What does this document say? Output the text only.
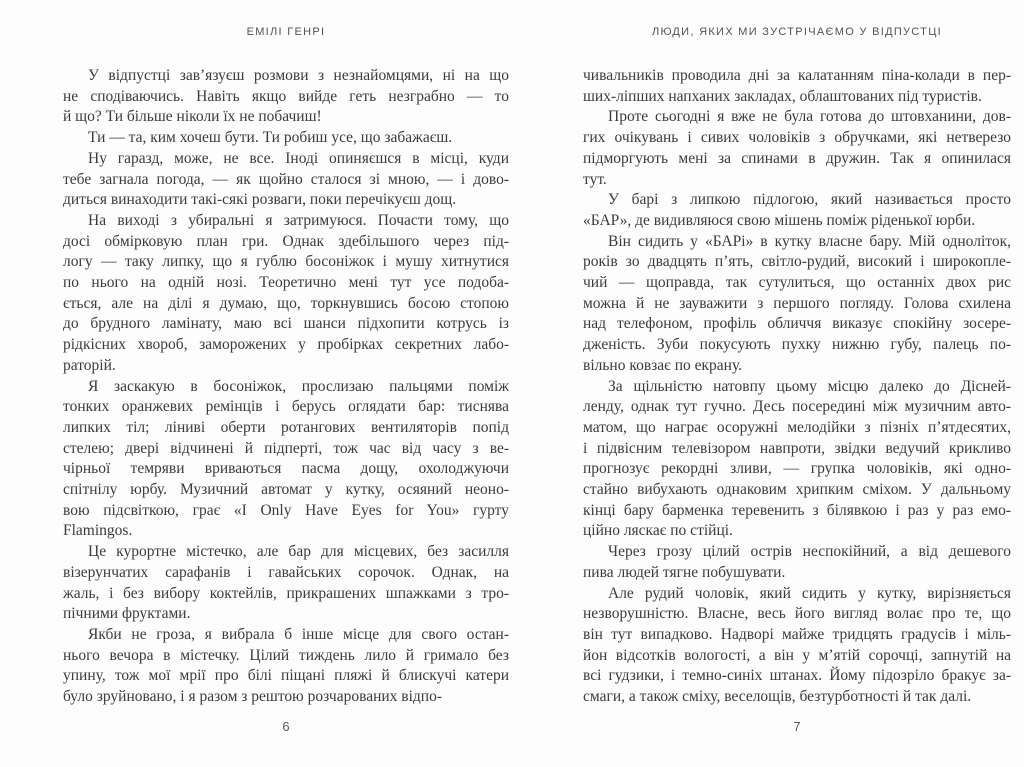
ЕМІЛІ ГЕНРІ
У відпустці зав’язуєш розмови з незнайомцями, ні на що
не сподіваючись. Навіть якщо вийде геть незграбно — то
й що? Ти більше ніколи їх не побачиш!
Ти — та, ким хочеш бути. Ти робиш усе, що забажаєш.
Ну гаразд, може, не все. Іноді опиняєшся в місці, куди
тебе загнала погода, — як щойно сталося зі мною, — і дово-
диться винаходити такі-сякі розваги, поки перечікуєш дощ.
На виході з убиральні я затримуюся. Почасти тому, що
досі обмірковую план гри. Однак здебільшого через під-
логу — таку липку, що я гублю босоніжок і мушу хитнутися
по нього на одній нозі. Теоретично мені тут усе подоба-
ється, але на ділі я думаю, що, торкнувшись босою стопою
до брудного ламінату, маю всі шанси підхопити котрусь із
рідкісних хвороб, заморожених у пробірках секретних лабо-
раторій.
Я заскакую в босоніжок, прослизаю пальцями поміж
тонких оранжевих ремінців і берусь оглядати бар: тиснява
липких тіл; ліниві оберти ротангових вентиляторів попід
стелею; двері відчинені й підперті, тож час від часу з ве-
чірньої темряви вриваються пасма дощу, охолоджуючи
спітнілу юрбу. Музичний автомат у кутку, осяяний неоно-
вою підсвіткою, грає «I Only Have Eyes for You» гурту
Flamingos.
Це курортне містечко, але бар для місцевих, без засилля
візерунчатих сарафанів і гавайських сорочок. Однак, на
жаль, і без вибору коктейлів, прикрашених шпажками з тро-
пічними фруктами.
Якби не гроза, я вибрала б інше місце для свого остан-
нього вечора в містечку. Цілий тиждень лило й гримало без
упину, тож мої мрії про білі піщані пляжі й блискучі катери
було зруйновано, і я разом з рештою розчарованих відпо-
6
ЛЮДИ, ЯКИХ МИ ЗУСТРІЧАЄМО У ВІДПУСТЦІ
чивальників проводила дні за калатанням піна-колади в пер-
ших-ліпших напханих закладах, облаштованих під туристів.
Проте сьогодні я вже не була готова до штовханини, дов-
гих очікувань і сивих чоловіків з обручками, які нетверезо
підморгують мені за спинами в дружин. Так я опинилася
тут.
У барі з липкою підлогою, який називається просто
«БАР», де видивляюся свою мішень поміж ріденької юрби.
Він сидить у «БАРі» в кутку власне бару. Мій одноліток,
років зо двадцять п’ять, світло-рудий, високий і широкопле-
чий — щоправда, так сутулиться, що останніх двох рис
можна й не зауважити з першого погляду. Голова схилена
над телефоном, профіль обличчя виказує спокійну зосере-
дженість. Зуби покусують пухку нижню губу, палець по-
вільно ковзає по екрану.
За щільністю натовпу цьому місцю далеко до Дісней-
ленду, однак тут гучно. Десь посередині між музичним авто-
матом, що награє осоружні мелодійки з пізніх п’ятдесятих,
і підвісним телевізором навпроти, звідки ведучий крикливо
прогнозує рекордні зливи, — групка чоловіків, які одно-
стайно вибухають однаковим хрипким сміхом. У дальньому
кінці бару барменка теревенить з білявкою і раз у раз емо-
ційно ляскає по стійці.
Через грозу цілий острів неспокійний, а від дешевого
пива людей тягне побушувати.
Але рудий чоловік, який сидить у кутку, вирізняється
незворушністю. Власне, весь його вигляд волає про те, що
він тут випадково. Надворі майже тридцять градусів і міль-
йон відсотків вологості, а він у м’ятій сорочці, запнутій на
всі гудзики, і темно-синіх штанах. Йому підозріло бракує за-
смаги, а також сміху, веселощів, безтурботності й так далі.
7
